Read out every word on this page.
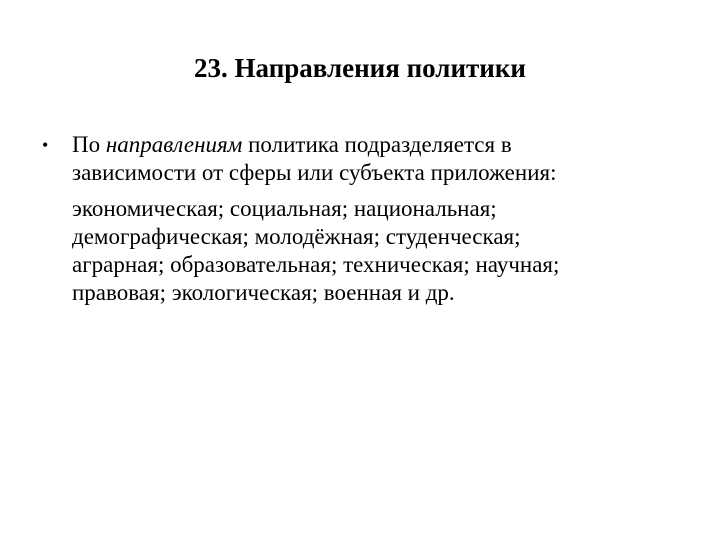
23. Направления политики
•	По направлениям политика подразделяется в
зависимости от сферы или субъекта приложения:
экономическая; социальная; национальная;
демографическая; молодёжная; студенческая;
аграрная; образовательная; техническая; научная;
правовая; экологическая; военная и др.
